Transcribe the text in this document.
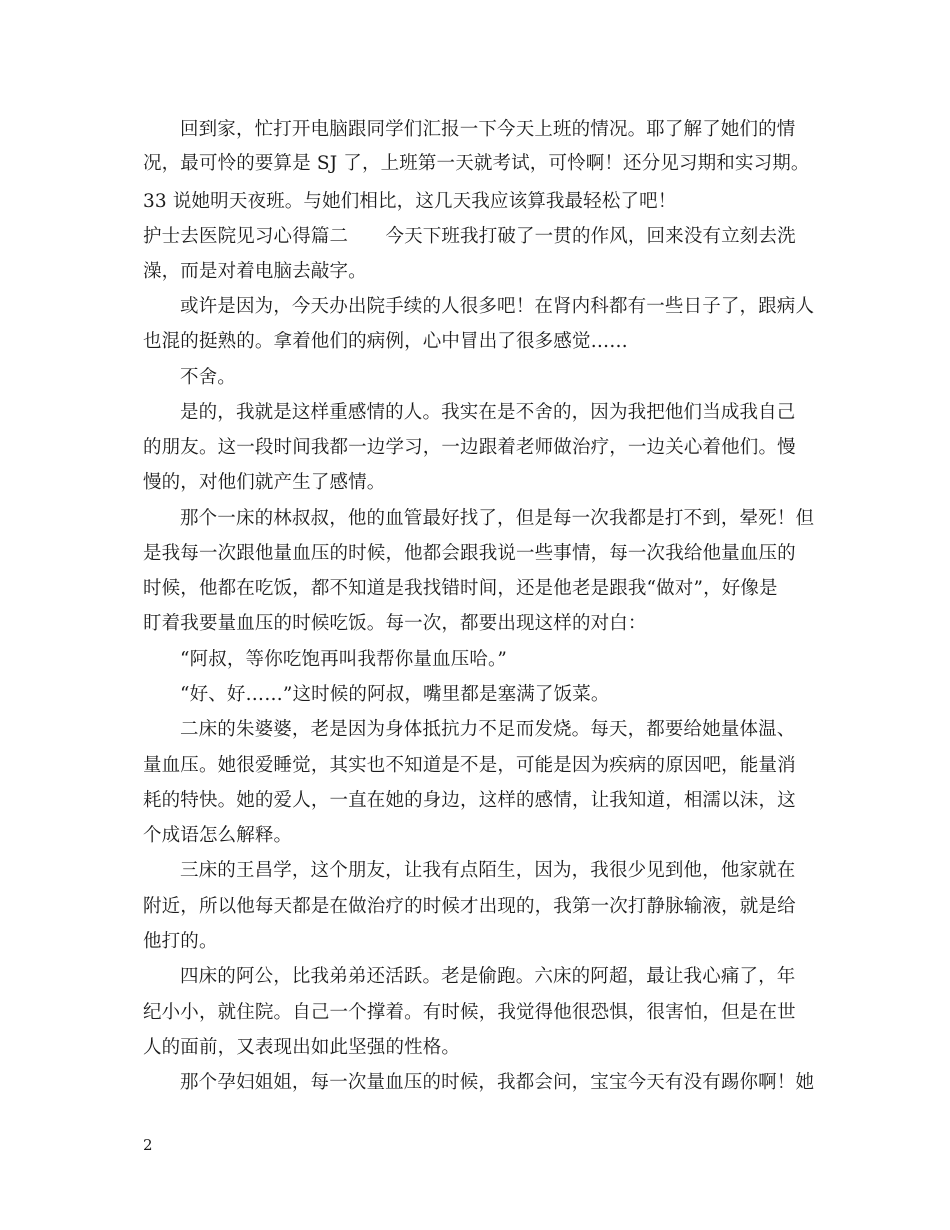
回到家，忙打开电脑跟同学们汇报一下今天上班的情况。耶了解了她们的情
况，最可怜的要算是 SJ 了，上班第一天就考试，可怜啊！还分见习期和实习期。
33 说她明天夜班。与她们相比，这几天我应该算我最轻松了吧！
护士去医院见习心得篇二　　今天下班我打破了一贯的作风，回来没有立刻去洗
澡，而是对着电脑去敲字。
或许是因为，今天办出院手续的人很多吧！在肾内科都有一些日子了，跟病人
也混的挺熟的。拿着他们的病例，心中冒出了很多感觉……
不舍。
是的，我就是这样重感情的人。我实在是不舍的，因为我把他们当成我自己
的朋友。这一段时间我都一边学习，一边跟着老师做治疗，一边关心着他们。慢
慢的，对他们就产生了感情。
那个一床的林叔叔，他的血管最好找了，但是每一次我都是打不到，晕死！但
是我每一次跟他量血压的时候，他都会跟我说一些事情，每一次我给他量血压的
时候，他都在吃饭，都不知道是我找错时间，还是他老是跟我“做对”，好像是
盯着我要量血压的时候吃饭。每一次，都要出现这样的对白：
“阿叔，等你吃饱再叫我帮你量血压哈。”
“好、好……”这时候的阿叔，嘴里都是塞满了饭菜。
二床的朱婆婆，老是因为身体抵抗力不足而发烧。每天，都要给她量体温、
量血压。她很爱睡觉，其实也不知道是不是，可能是因为疾病的原因吧，能量消
耗的特快。她的爱人，一直在她的身边，这样的感情，让我知道，相濡以沫，这
个成语怎么解释。
三床的王昌学，这个朋友，让我有点陌生，因为，我很少见到他，他家就在
附近，所以他每天都是在做治疗的时候才出现的，我第一次打静脉输液，就是给
他打的。
四床的阿公，比我弟弟还活跃。老是偷跑。六床的阿超，最让我心痛了，年
纪小小，就住院。自己一个撑着。有时候，我觉得他很恐惧，很害怕，但是在世
人的面前，又表现出如此坚强的性格。
那个孕妇姐姐，每一次量血压的时候，我都会问，宝宝今天有没有踢你啊！她
2
